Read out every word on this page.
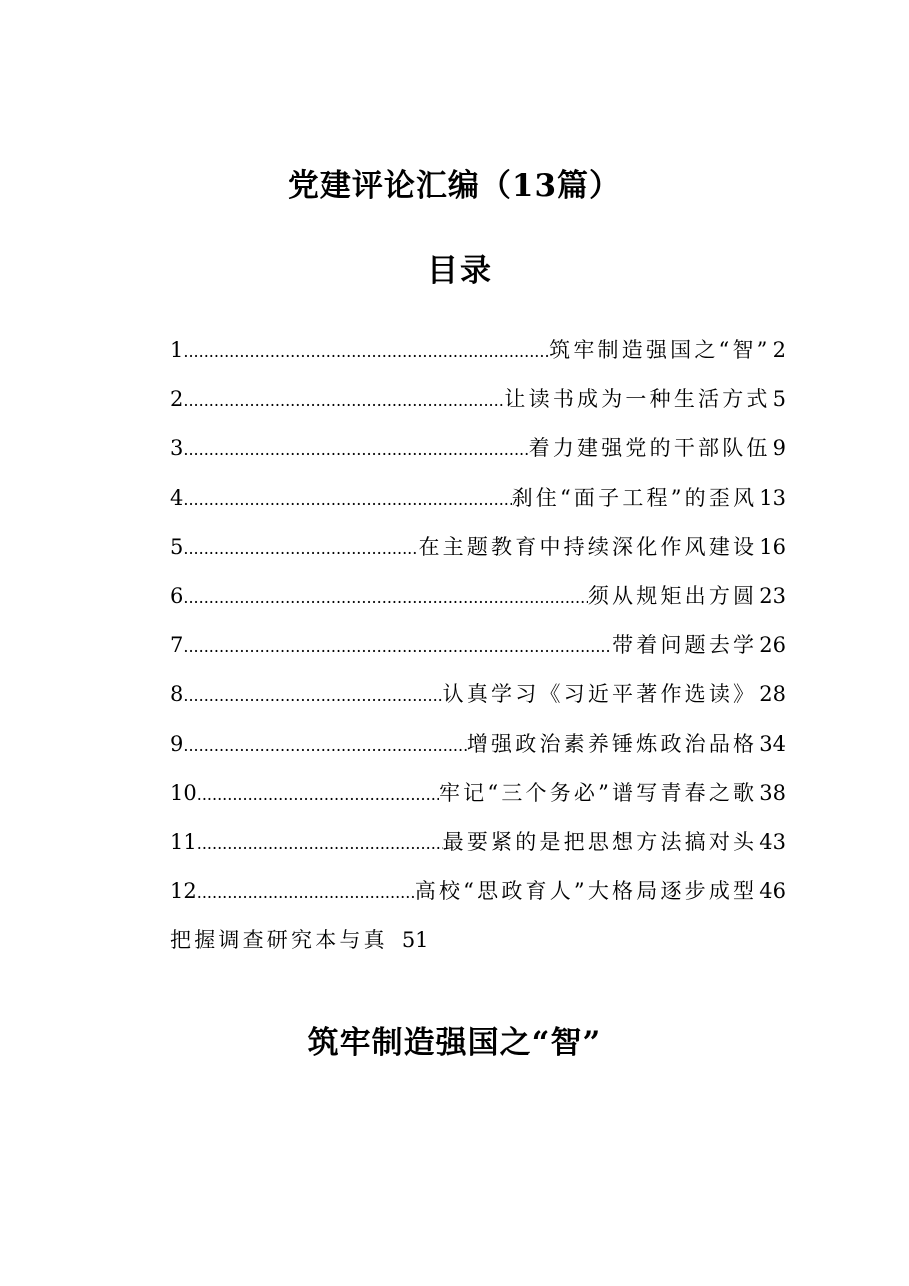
党建评论汇编（13篇）
目录
1 .....	筑牢制造强国之“智” 2
2 .....	让读书成为一种生活方式 5
3 .....	着力建强党的干部队伍 9
4 .....	刹住“面子工程”的歪风 13
5 .....	在主题教育中持续深化作风建设 16
6 .....	须从规矩出方圆 23
7 .....	带着问题去学 26
8 .....	认真学习《习近平著作选读》 28
9 .....	增强政治素养锤炼政治品格 34
10 .....	牢记“三个务必”谱写青春之歌 38
11 .....	最要紧的是把思想方法搞对头 43
12 .....	高校“思政育人”大格局逐步成型 46
把握调查研究本与真 51
筑牢制造强国之“智”
